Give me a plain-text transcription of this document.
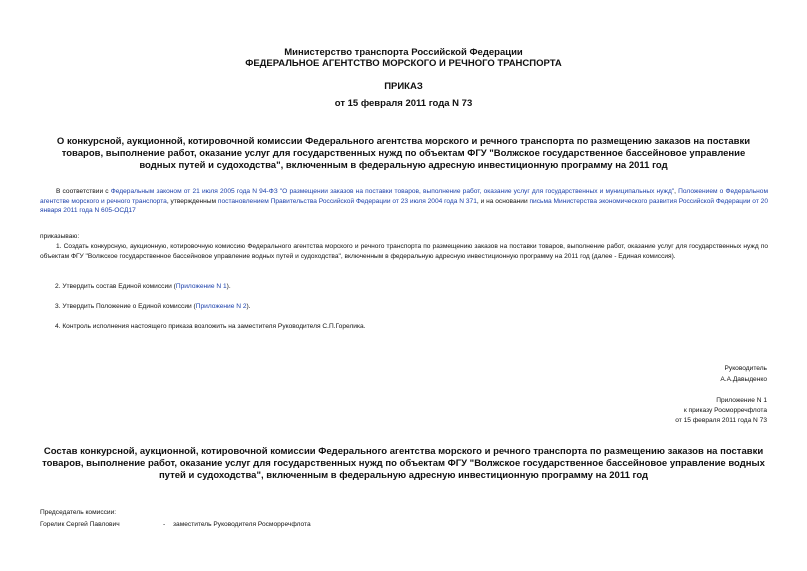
Министерство транспорта Российской Федерации
ФЕДЕРАЛЬНОЕ АГЕНТСТВО МОРСКОГО И РЕЧНОГО ТРАНСПОРТА
ПРИКАЗ
от 15 февраля 2011 года N 73
О конкурсной, аукционной, котировочной комиссии Федерального агентства морского и речного транспорта по размещению заказов на поставки товаров, выполнение работ, оказание услуг для государственных нужд по объектам ФГУ "Волжское государственное бассейновое управление водных путей и судоходства", включенным в федеральную адресную инвестиционную программу на 2011 год
В соответствии с Федеральным законом от 21 июля 2005 года N 94-ФЗ "О размещении заказов на поставки товаров, выполнение работ, оказание услуг для государственных и муниципальных нужд", Положением о Федеральном агентстве морского и речного транспорта, утвержденным постановлением Правительства Российской Федерации от 23 июля 2004 года N 371, и на основании письма Министерства экономического развития Российской Федерации от 20 января 2011 года N 605-ОСД17
приказываю:
1. Создать конкурсную, аукционную, котировочную комиссию Федерального агентства морского и речного транспорта по размещению заказов на поставки товаров, выполнение работ, оказание услуг для государственных нужд по объектам ФГУ "Волжское государственное бассейновое управление водных путей и судоходства", включенным в федеральную адресную инвестиционную программу на 2011 год (далее - Единая комиссия).
2. Утвердить состав Единой комиссии (Приложение N 1).
3. Утвердить Положение о Единой комиссии (Приложение N 2).
4. Контроль исполнения настоящего приказа возложить на заместителя Руководителя С.П.Горелика.
Руководитель
А.А.Давыденко
Приложение N 1
к приказу Росморречфлота
от 15 февраля 2011 года N 73
Состав конкурсной, аукционной, котировочной комиссии Федерального агентства морского и речного транспорта по размещению заказов на поставки товаров, выполнение работ, оказание услуг для государственных нужд по объектам ФГУ "Волжское государственное бассейновое управление водных путей и судоходства", включенным в федеральную адресную инвестиционную программу на 2011 год
Председатель комиссии:
Горелик Сергей Павлович	-	заместитель Руководителя Росморречфлота
